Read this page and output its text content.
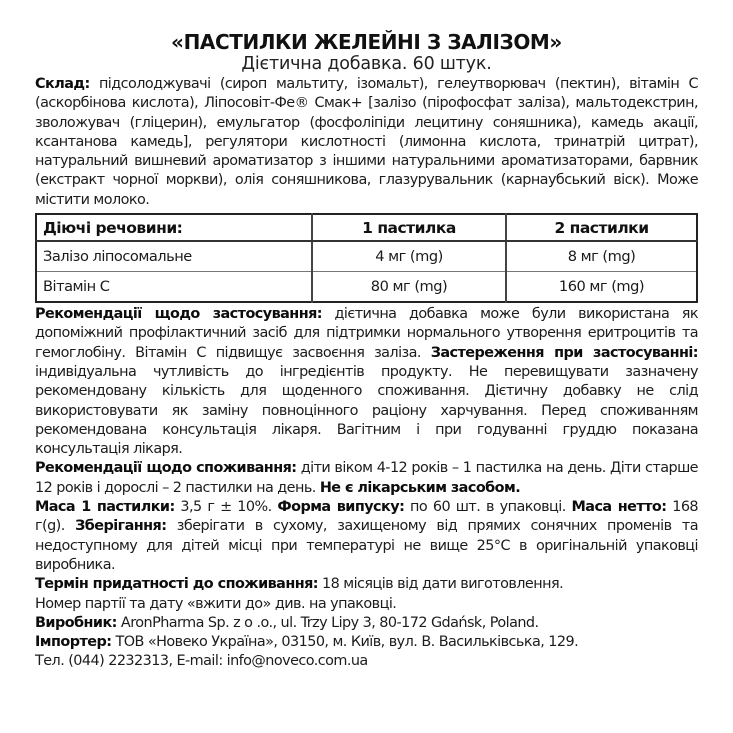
«ПАСТИЛКИ ЖЕЛЕЙНІ З ЗАЛІЗОМ»

Дієтична добавка. 60 штук.

Склад: підсолоджувачі (сироп мальтиту, ізомальт), гелеутворювач (пектин), вітамін С (аскорбінова кислота), Ліпосовіт-Фе® Смак+ [залізо (пірофосфат заліза), мальтодекстрин, зволожувач (гліцерин), емульгатор (фосфоліпіди лецитину соняшника), камедь акації, ксантанова камедь], регулятори кислотності (лимонна кислота, тринатрій цитрат), натуральний вишневий ароматизатор з іншими натуральними ароматизаторами, барвник (екстракт чорної моркви), олія соняшникова, глазурувальник (карнаубський віск). Може містити молоко.

Діючі речовини:	1 пастилка	2 пастилки
Залізо ліпосомальне	4 мг (mg)	8 мг (mg)
Вітамін С	80 мг (mg)	160 мг (mg)

Рекомендації щодо застосування: дієтична добавка може були використана як допоміжний профілактичний засіб для підтримки нормального утворення еритроцитів та гемоглобіну. Вітамін С підвищує засвоєння заліза. Застереження при застосуванні: індивідуальна чутливість до інгредієнтів продукту. Не перевищувати зазначену рекомендовану кількість для щоденного споживання. Дієтичну добавку не слід використовувати як заміну повноцінного раціону харчування. Перед споживанням рекомендована консультація лікаря. Вагітним і при годуванні груддю показана консультація лікаря.

Рекомендації щодо споживання: діти віком 4-12 років – 1 пастилка на день. Діти старше 12 років і дорослі – 2 пастилки на день. Не є лікарським засобом.

Маса 1 пастилки: 3,5 г ± 10%. Форма випуску: по 60 шт. в упаковці. Маса нетто: 168 г(g). Зберігання: зберігати в сухому, захищеному від прямих сонячних променів та недоступному для дітей місці при температурі не вище 25°С в оригінальній упаковці виробника.

Термін придатності до споживання: 18 місяців від дати виготовлення.

Номер партії та дату «вжити до» див. на упаковці.

Виробник: AronPharma Sp. z o .o., ul. Trzy Lipy 3, 80-172 Gdańsk, Poland.

Імпортер: ТОВ «Новеко Україна», 03150, м. Київ, вул. В. Васильківська, 129.

Тел. (044) 2232313, E-mail: info@noveco.com.ua
